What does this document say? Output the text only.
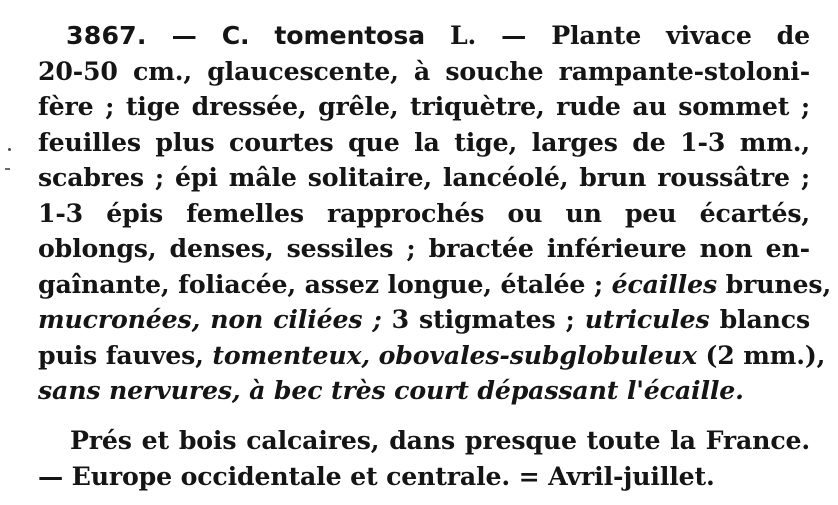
3867. — C. tomentosa L. — Plante vivace de
20-50 cm., glaucescente, à souche rampante-stoloni-
fère ; tige dressée, grêle, triquètre, rude au sommet ;
feuilles plus courtes que la tige, larges de 1-3 mm.,
scabres ; épi mâle solitaire, lancéolé, brun roussâtre ;
1-3 épis femelles rapprochés ou un peu écartés,
oblongs, denses, sessiles ; bractée inférieure non en-
gaînante, foliacée, assez longue, étalée ; écailles brunes,
mucronées, non ciliées ; 3 stigmates ; utricules blancs
puis fauves, tomenteux, obovales-subglobuleux (2 mm.),
sans nervures, à bec très court dépassant l'écaille.
Prés et bois calcaires, dans presque toute la France.
— Europe occidentale et centrale. = Avril-juillet.
